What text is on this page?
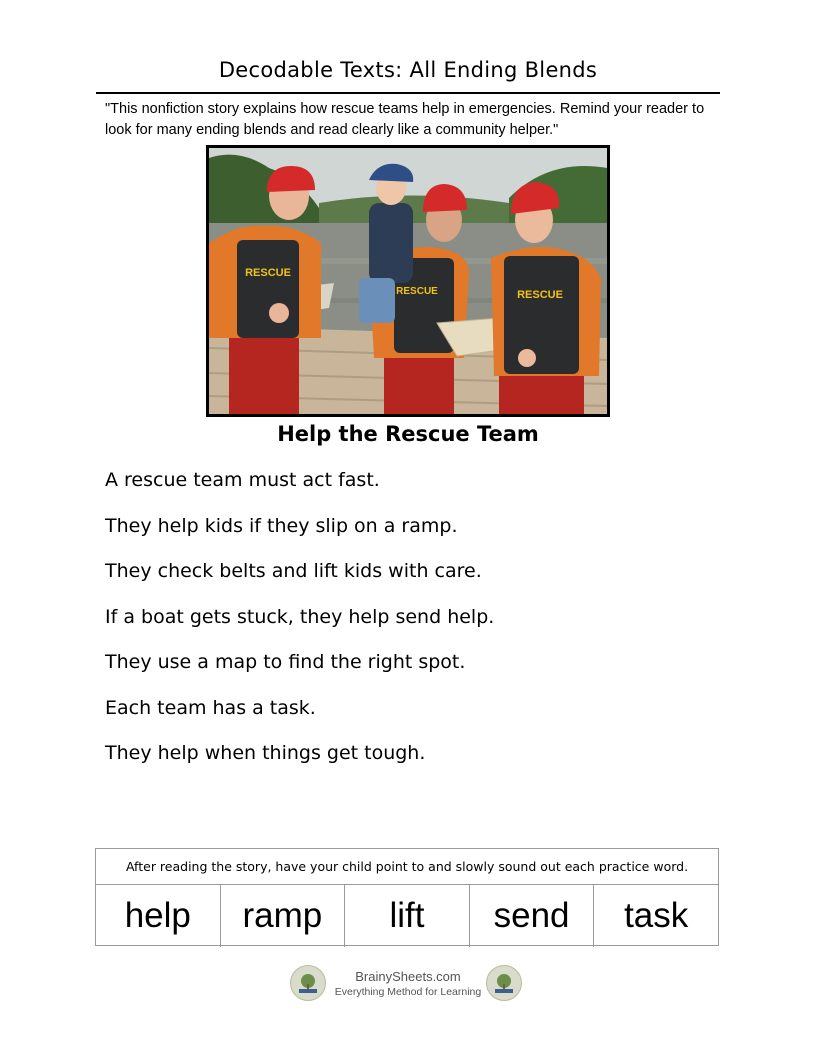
Decodable Texts: All Ending Blends
"This nonfiction story explains how rescue teams help in emergencies. Remind your reader to look for many ending blends and read clearly like a community helper."
RESCUE
RESCUE	RESCUE
Help the Rescue Team
A rescue team must act fast.
They help kids if they slip on a ramp.
They check belts and lift kids with care.
If a boat gets stuck, they help send help.
They use a map to find the right spot.
Each team has a task.
They help when things get tough.
After reading the story, have your child point to and slowly sound out each practice word.
help	ramp	lift	send	task
BrainySheets.com
Everything Method for Learning
